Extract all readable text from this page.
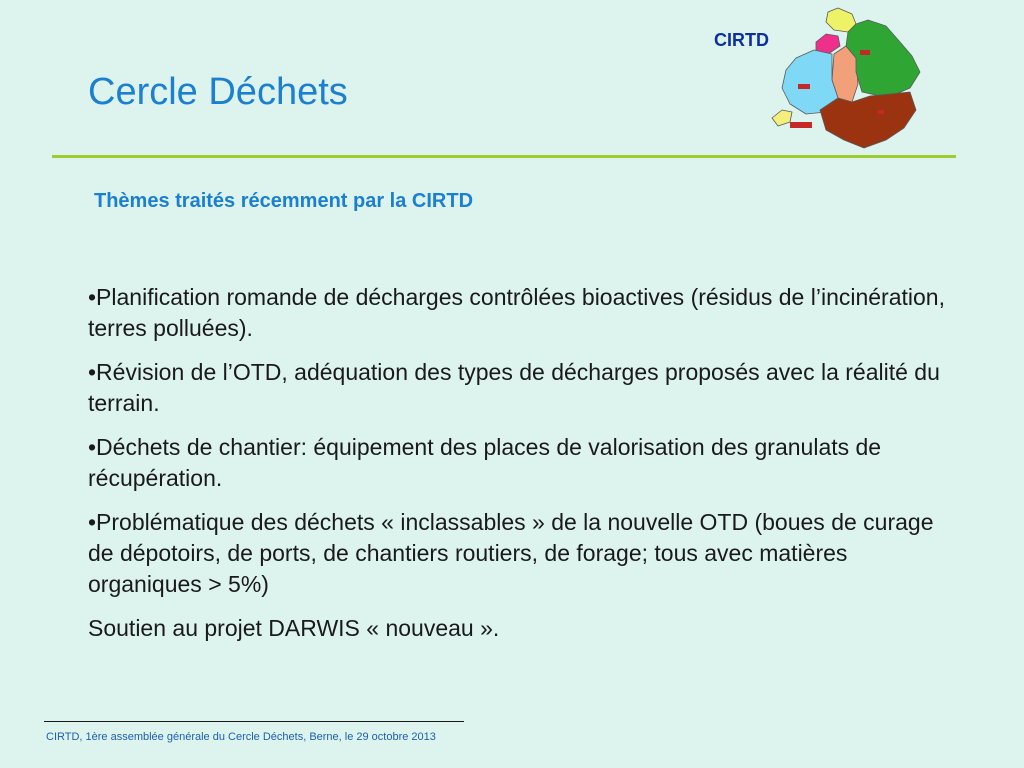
CIRTD
Cercle Déchets
Thèmes traités récemment par la CIRTD
•Planification romande de décharges contrôlées bioactives (résidus de l’incinération, terres polluées).
•Révision de l’OTD, adéquation des types de décharges proposés avec la réalité du terrain.
•Déchets de chantier: équipement des places de valorisation des granulats de récupération.
•Problématique des déchets « inclassables » de la nouvelle OTD (boues de curage de dépotoirs, de ports, de chantiers routiers, de forage; tous avec matières organiques > 5%)
Soutien au projet DARWIS « nouveau ».
CIRTD, 1ère assemblée générale du Cercle Déchets, Berne, le 29 octobre 2013
